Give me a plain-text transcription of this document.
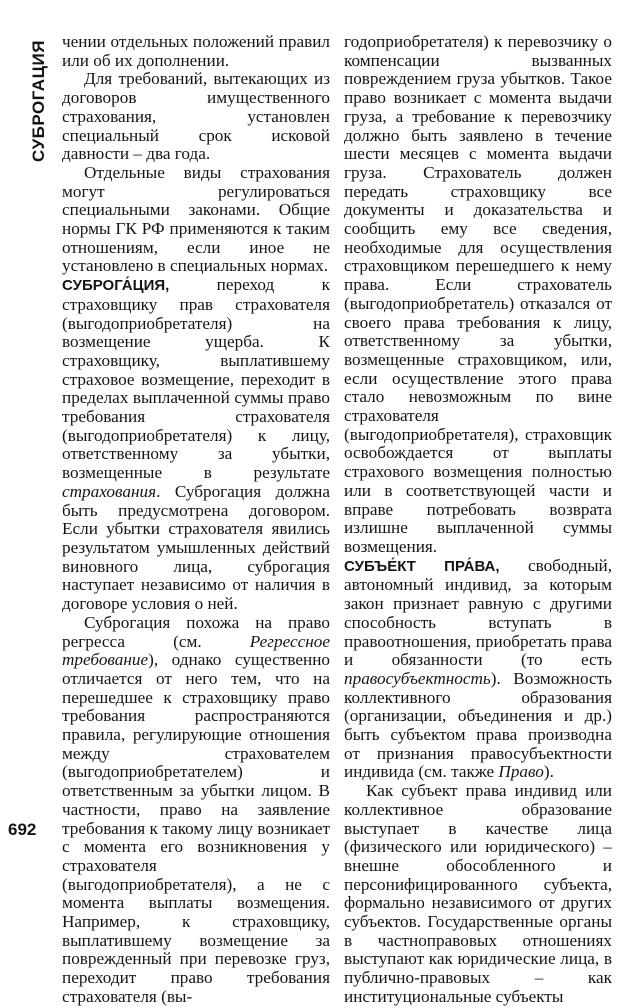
СУБРОГАЦИЯ чении отдельных положений правил или об их дополнении.

Для требований, вытекающих из договоров имущественного страхования, установлен специальный срок исковой давности – два года.

Отдельные виды страхования могут регулироваться специальными законами. Общие нормы ГК РФ применяются к таким отношениям, если иное не установлено в специальных нормах.

СУБРОГА́ЦИЯ, переход к страховщику прав страхователя (выгодоприобретателя) на возмещение ущерба. К страховщику, выплатившему страховое возмещение, переходит в пределах выплаченной суммы право требования страхователя (выгодоприобретателя) к лицу, ответственному за убытки, возмещенные в результате страхования. Суброгация должна быть предусмотрена договором. Если убытки страхователя явились результатом умышленных действий виновного лица, суброгация наступает независимо от наличия в договоре условия о ней.

Суброгация похожа на право регресса (см. Регрессное требование), однако существенно отличается от него тем, что на перешедшее к страховщику право требования распространяются правила, регулирующие отношения между страхователем (выгодоприобретателем) и ответственным за убытки лицом. В частности, право на заявление требования к такому лицу возникает с момента его возникновения у страхователя (выгодоприобретателя), а не с момента выплаты возмещения. Например, к страховщику, выплатившему возмещение за поврежденный при перевозке груз, переходит право требования страхователя (вы-

годоприобретателя) к перевозчику о компенсации вызванных повреждением груза убытков. Такое право возникает с момента выдачи груза, а требование к перевозчику должно быть заявлено в течение шести месяцев с момента выдачи груза. Страхователь должен передать страховщику все документы и доказательства и сообщить ему все сведения, необходимые для осуществления страховщиком перешедшего к нему права. Если страхователь (выгодоприобретатель) отказался от своего права требования к лицу, ответственному за убытки, возмещенные страховщиком, или, если осуществление этого права стало невозможным по вине страхователя (выгодоприобретателя), страховщик освобождается от выплаты страхового возмещения полностью или в соответствующей части и вправе потребовать возврата излишне выплаченной суммы возмещения.

СУБЪЕ́КТ ПРА́ВА, свободный, автономный индивид, за которым закон признает равную с другими способность вступать в правоотношения, приобретать права и обязанности (то есть правосубъектность). Возможность коллективного образования (организации, объединения и др.) быть субъектом права производна от признания правосубъектности индивида (см. также Право).

Как субъект права индивид или коллективное образование выступает в качестве лица (физического или юридического) – внешне обособленного и персонифицированного субъекта, формально независимого от других субъектов. Государственные органы в частноправовых отношениях выступают как юридические лица, в публично-правовых – как институциональные субъекты

692
